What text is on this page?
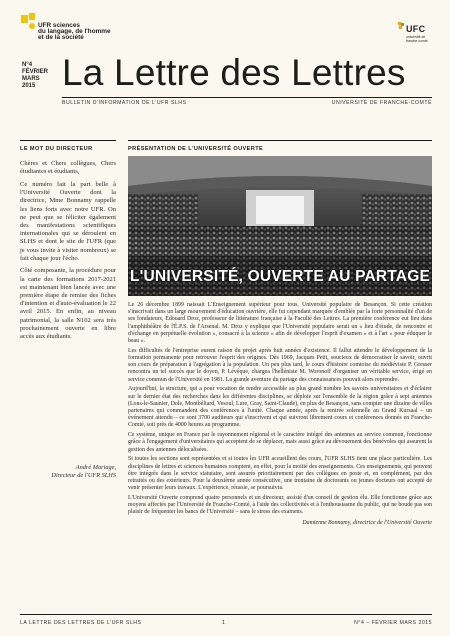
UFR sciences
du langage, de l'homme
et de la société
UFC
université de franche-comté
N°4
FÉVRIER
MARS
2015 La Lettre des Lettres
BULLETIN D'INFORMATION DE L'UFR SLHS	UNIVERSITÉ DE FRANCHE-COMTÉ
LE MOT DU DIRECTEUR

Chères et Chers collègues, Chers étudiantes et étudiants,

Ce numéro fait la part belle à l'Université Ouverte dont la directrice, Mme Bonnamy rappelle les liens forts avec notre UFR. On ne peut que se féliciter également des manifestations scientifiques internationales qui se déroulent en SLHS et dont le site de l'UFR (que je vous invite à visiter nombreux) se fait chaque jour l'écho.

Côté composante, la procédure pour la carte des formations 2017-2021 est maintenant bien lancée avec une première étape de remise des fiches d'intention et d'auto-évaluation le 22 avril 2015. En enfin, au niveau patrimonial, la salle N102 sera très prochainement ouverte en libre accès aux étudiants.

André Mariage,
Directeur de l'UFR SLHS
PRÉSENTATION DE L'UNIVERSITÉ OUVERTE
L'UNIVERSITÉ, OUVERTE AU PARTAGE

Le 26 décembre 1899 naissait L'Enseignement supérieur pour tous. Université populaire de Besançon. Si cette création s'inscrivait dans un large mouvement d'éducation ouvrière, elle fut cependant marquée d'emblée par la forte personnalité d'un de ses fondateurs, Édouard Droz, professeur de littérature française à la Faculté des Lettres. La première conférence eut lieu dans l'amphithéâtre de l'É.P.S. de l'Arsenal. M. Droz y explique que l'Université populaire serait un « lieu d'étude, de rencontre et d'échange en perpétuelle évolution », consacré à la science « afin de développer l'esprit d'examen » et à l'art « pour éduquer le beau ».

Les difficultés de l'entreprise eurent raison du projet après huit années d'existence. Il fallut attendre le développement de la formation permanente pour retrouver l'esprit des origines. Dès 1969, Jacques Petit, soucieux de démocratiser le savoir, ouvrit son cours de préparation à l'agrégation à la population. Un peu plus tard, le cours d'histoire comtoise du médiéviste P. Gresser rencontra un tel succès que le doyen, P. Lévêque, chargea l'helléniste M. Woronoff d'organiser un véritable service, érigé en service commun de l'Université en 1981. La grande aventure du partage des connaissances pouvait alors reprendre.

Aujourd'hui, la structure, qui a pour vocation de rendre accessible au plus grand nombre les savoirs universitaires et d'éclairer sur le dernier état des recherches dans les différentes disciplines, se déploie sur l'ensemble de la région grâce à sept antennes (Lons-le-Saunier, Dole, Montbéliard, Vesoul, Lure, Gray, Saint-Claude), en plus de Besançon, sans compter une dizaine de villes partenaires qui commandent des conférences à l'unité. Chaque année, après la rentrée solennelle au Grand Kursaal – un événement attendu – ce sont 3700 auditeurs qui s'inscrivent et qui suivront librement cours et conférences donnés en Franche-Comté, soit près de 4000 heures au programme.

Ce système, unique en France par le rayonnement régional et le caractère intégré des antennes au service commun, fonctionne grâce à l'engagement d'universitaires qui acceptent de se déplacer, mais aussi grâce au dévouement des bénévoles qui assurent la gestion des antennes délocalisées.

Si toutes les sections sont représentées et si toutes les UFR accueillent des cours, l'UFR SLHS tient une place particulière. Les disciplines de lettres et sciences humaines comptent, en effet, pour la moitié des enseignements. Ces enseignements, qui peuvent être intégrés dans le service statutaire, sont assurés prioritairement par des collègues en poste et, en complément, par des retraités ou des extérieurs. Pour la deuxième année consécutive, une trentaine de doctorants ou jeunes docteurs ont accepté de venir présenter leurs travaux. L'expérience, réussie, se poursuivra.

L'Université Ouverte comprend quatre personnels et un directeur, assisté d'un conseil de gestion élu. Elle fonctionne grâce aux moyens affectés par l'Université de Franche-Comté, à l'aide des collectivités et à l'enthousiasme du public, qui ne boude pas son plaisir de fréquenter les bancs de l'Université – sans le stress des examens.

Damienne Bonnamy, directrice de l'Université Ouverte
LA LETTRE DES LETTRES DE L'UFR SLHS	1	N°4 – FÉVRIER MARS 2015
